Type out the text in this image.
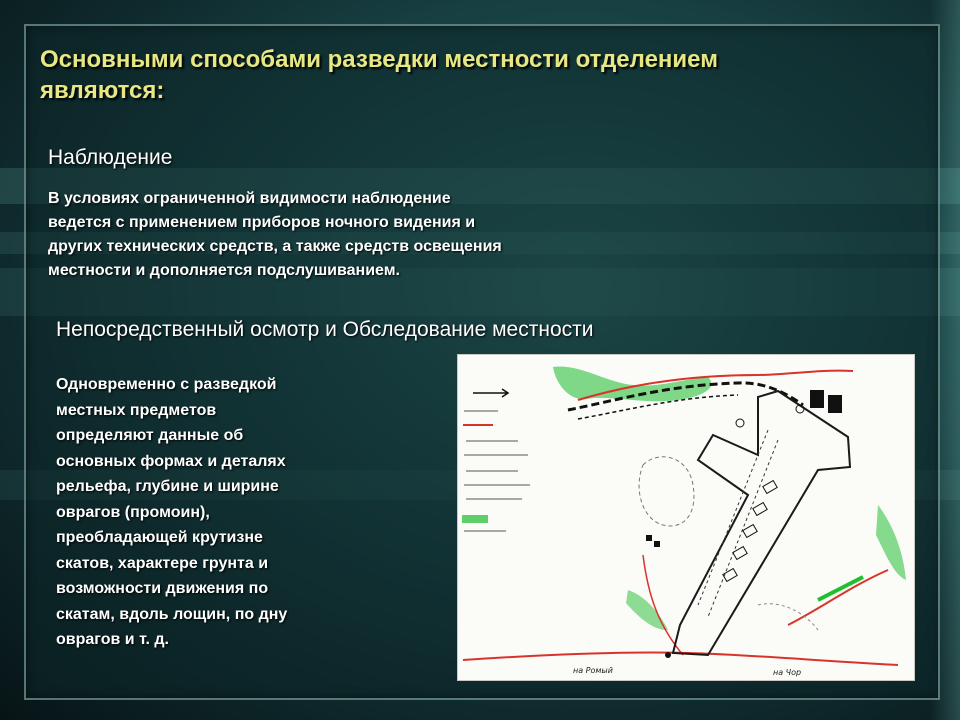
Основными способами разведки местности отделением
являются:
Наблюдение
В условиях ограниченной видимости наблюдение
ведется с применением приборов ночного видения и
других технических средств, а также средств освещения
местности и дополняется подслушиванием.
Непосредственный осмотр и Обследование местности
Одновременно с разведкой
местных предметов
определяют данные об
основных формах и деталях
рельефа, глубине и ширине
оврагов (промоин),
преобладающей крутизне
скатов, характере грунта и
возможности движения по
скатам, вдоль лощин, по дну
оврагов и т. д.
на Ромый	на Чор
